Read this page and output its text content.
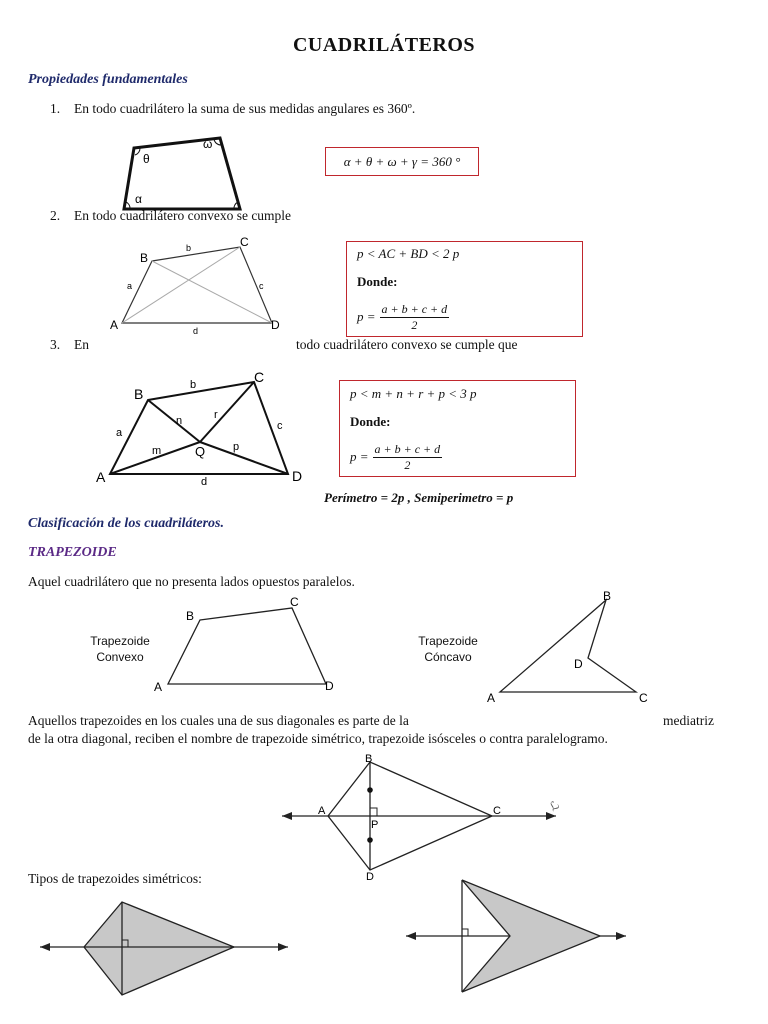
CUADRILÁTEROS
Propiedades fundamentales
1. En todo cuadrilátero la suma de sus medidas angulares es 360º.
θ
ω
α
α + θ + ω + γ = 360 °
2. En todo cuadrilátero convexo se cumple
B
C
A	D
b
a	c
d
p < AC + BD < 2 p
Donde:
$p = \frac{a + b + c + d}{2}$
3. En	todo cuadrilátero convexo se cumple que
B
C
A	D
Q
b
a
c
d
m
n	r
p
p < m + n + r + p < 3 p
Donde:
$p = \frac{a + b + c + d}{2}$
Perímetro = 2p , Semiperimetro = p
Clasificación de los cuadriláteros.
TRAPEZOIDE
Aquel cuadrilátero que no presenta lados opuestos paralelos.
Trapezoide
Convexo
B
C
A	D
Trapezoide
Cóncavo
B
D
A	C
Aquellos trapezoides en los cuales una de sus diagonales es parte de la	mediatriz
de la otra diagonal, reciben el nombre de trapezoide simétrico, trapezoide isósceles o contra paralelogramo.
B
A	C
P
D
ℒ
Tipos de trapezoides simétricos:
